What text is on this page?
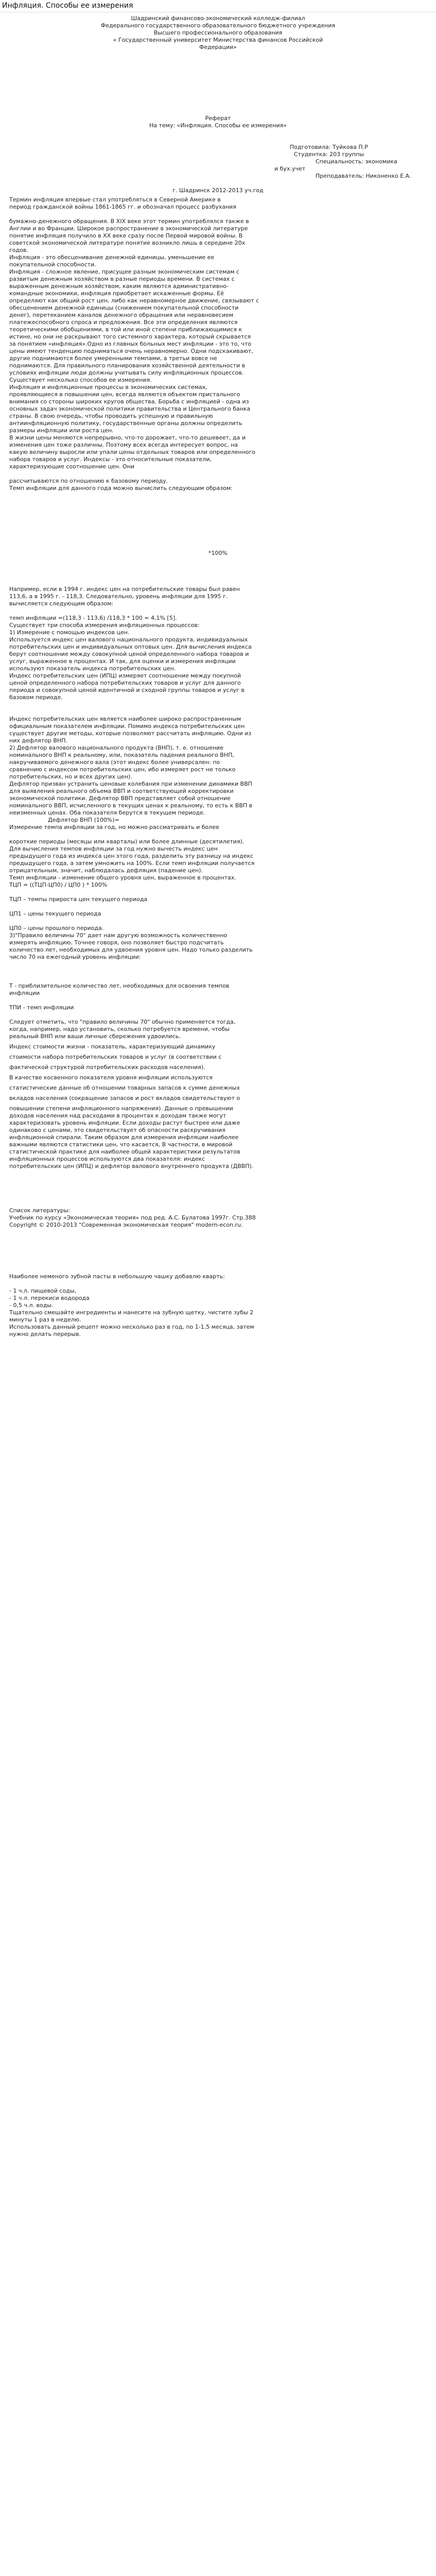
Инфляция. Способы ее измерения

Шадринский финансово-экономический колледж-филиал

Федерального государственного образовательного бюджетного учреждения

Высшего профессионального образования

« Государственный университет Министерства финансов Российской

Федерации»

Реферат

На тему: «Инфляция. Способы ее измерения»

Подготовила: Туйкова П.Р

Студентка: 203 группы

Специальность: экономика

и бух.учет

Преподаватель: Никоненко Е.А.

г. Шадринск 2012-2013 уч.год

Термин инфляция впервые стал употребляться в Северной Америке в

период гражданской войны 1861-1865 гг. и обозначал процесс разбухания

бумажно-денежного обращения. В XIX веке этот термин употреблялся также в

Англии и во Франции. Широкое распространение в экономической литературе

понятие инфляция получило в ХХ веке сразу после Первой мировой войны. В

советской экономической литературе понятие возникло лишь в середине 20х

годов.

Инфляция - это обесценивание денежной единицы, уменьшение ее

покупательной способности.

Инфляция - сложное явление, присущее разным экономическим системам с

развитым денежным хозяйством в разные периоды времени. В системах с

выраженным денежным хозяйством, каким являются административно-

командные экономики, инфляция приобретает искаженные формы. Её

определяют как общий рост цен, либо как неравномерное движение, связывают с

обесценением денежной единицы (снижением покупательной способности

денег), перетеканием каналов денежного обращения или неравновесием

платежеспособного спроса и предложения. Все эти определения являются

теоретическими обобщениями, в той или иной степени приближающимися к

истине, но они не раскрывают того системного характера, который скрывается

за понятием «инфляция».Одно из главных больных мест инфляции - это то, что

цены имеют тенденцию подниматься очень неравномерно. Одни подскакивают,

другие поднимаются более умеренными темпами, а третьи вовсе не

поднимаются. Для правильного планирования хозяйственной деятельности в

условиях инфляции люди должны учитывать силу инфляционных процессов.

Существует несколько способов ее измерения.

Инфляция и инфляционные процессы в экономических системах,

проявляющиеся в повышении цен, всегда являются объектом пристального

внимания со стороны широких кругов общества. Борьба с инфляцией - одна из

основных задач экономической политики правительства и Центрального банка

страны. В свою очередь, чтобы проводить успешную и правильную

антиинфляционную политику, государственные органы должны определить

размеры инфляции или роста цен.

В жизни цены меняются непрерывно, что-то дорожает, что-то дешевеет, да и

изменения цен тоже различны. Поэтому всех всегда интересует вопрос, на

какую величину выросли или упали цены отдельных товаров или определенного

набора товаров и услуг. Индексы - это относительные показатели,

характеризующие соотношение цен. Они

рассчитываются по отношению к базовому периоду.

Темп инфляции для данного года можно вычислить следующим образом:

*100%

Например, если в 1994 г. индекс цен на потребительские товары был равен

113,6, а в 1995 г. - 118,3. Следовательно, уровень инфляции для 1995 г.

вычисляется следующим образом:

темп инфляции =(118,3 - 113,6) /118,3 * 100 = 4,1% [5].

Существует три способа измерения инфляционных процессов:

1) Измерение с помощью индексов цен.

Используется индекс цен валового национального продукта, индивидуальных

потребительских цен и индивидуальных оптовых цен. Для вычисления индекса

берут соотношение между совокупной ценой определенного набора товаров и

услуг, выраженное в процентах. И так, для оценки и измерения инфляции

используют показатель индекса потребительских цен.

Индекс потребительских цен (ИПЦ) измеряет соотношение между покупной

ценой определенного набора потребительских товаров и услуг для данного

периода и совокупной ценой идентичной и сходной группы товаров и услуг в

базовом периоде.

Индекс потребительских цен является наиболее широко распространенным

официальным показателем инфляции. Помимо индекса потребительских цен

существует другие методы, которые позволяют рассчитать инфляцию. Одни из

них дефлятор ВНП.

2) Дефлятор валового национального продукта (ВНП), т. е. отношение

номинального ВНП к реальному, или, показатель падения реального ВНП,

накручиваемого денежного вала (этот индекс более универсален: по

сравнению с индексом потребительских цен, ибо измеряет рост не только

потребительских, но и всех других цен).

Дефлятор призван устранить ценовые колебания при изменении динамики ВВП

для выявления реального объема ВВП и соответствующей корректировки

экономической политики. Дефлятор ВВП представляет собой отношение

номинального ВВП, исчисленного в текущих ценах к реальному, то есть к ВВП в

неизменных ценах. Оба показателя берутся в текущем периоде.

Дефлятор ВНП (100%)=

Измерение темпа инфляции за год, но можно рассматривать и более

короткие периоды (месяцы или кварталы) или более длинные (десятилетия).

Для вычисления темпов инфляции за год нужно вычесть индекс цен

предыдущего года из индекса цен этого года, разделить эту разницу на индекс

предыдущего года, а затем умножить на 100%. Если темп инфляции получается

отрицательным, значит, наблюдалась дефляция (падение цен).

Темп инфляции - изменение общего уровня цен, выраженное в процентах.

ТЦП = ((ТЦП-ЦП0) / ЦП0 ) * 100%

ТЦП – темпы прироста цен текущего периода

ЦП1 – цены текущего периода

ЦП0 – цены прошлого периода.

3)"Правило величины 70" дает нам другую возможность количественно

измерять инфляцию. Точнее говоря, оно позволяет быстро подсчитать

количество лет, необходимых для удвоения уровня цен. Надо только разделить

число 70 на ежегодный уровень инфляции:

Т - приблизительное количество лет, необходимых для освоения темпов

инфляции

ТПИ - темп инфляции

Следует отметить, что "правило величины 70" обычно применяется тогда,

когда, например, надо установить, сколько потребуется времени, чтобы

реальный ВНП или ваши личные сбережения удвоились.

Индекс стоимости жизни - показатель, характеризующий динамику

стоимости набора потребительских товаров и услуг (в соответствии с

фактической структурой потребительских расходов населения).

В качестве косвенного показателя уровня инфляции используются

статистические данные об отношении товарных запасов к сумме денежных

вкладов населения (сокращение запасов и рост вкладов свидетельствуют о

повышении степени инфляционного напряжения). Данные о превышении

доходов населения над расходами в процентах к доходам также могут

характеризовать уровень инфляции. Если доходы растут быстрее или даже

одинаково с ценами, это свидетельствует об опасности раскручивания

инфляционной спирали. Таким образом для измерения инфляции наиболее

важными являются статистики цен, что касается, В частности, в мировой

статистической практике для наиболее общей характеристики результатов

инфляционных процессов используются два показателя: индекс

потребительских цен (ИПЦ) и дефлятор валового внутреннего продукта (ДВВП).

Список литературы:

Учебник по курсу «Экономическая теория» под ред. А.С. Булатова 1997г. Стр.388

Copyright © 2010-2013 "Современная экономическая теория" modern-econ.ru.

Наиболее неменого зубной пасты в небольшую чашку добавлю кварть:

- 1 ч.л. пищевой соды,

- 1 ч.л. перекиси водорода

- 0,5 ч.л. воды.

Тщательно смешайте ингредиенты и нанесите на зубную щетку, чистите зубы 2

минуты 1 раз в неделю.

Использовать данный рецепт можно несколько раз в год, по 1-1,5 месяца, затем

нужно делать перерыв.
